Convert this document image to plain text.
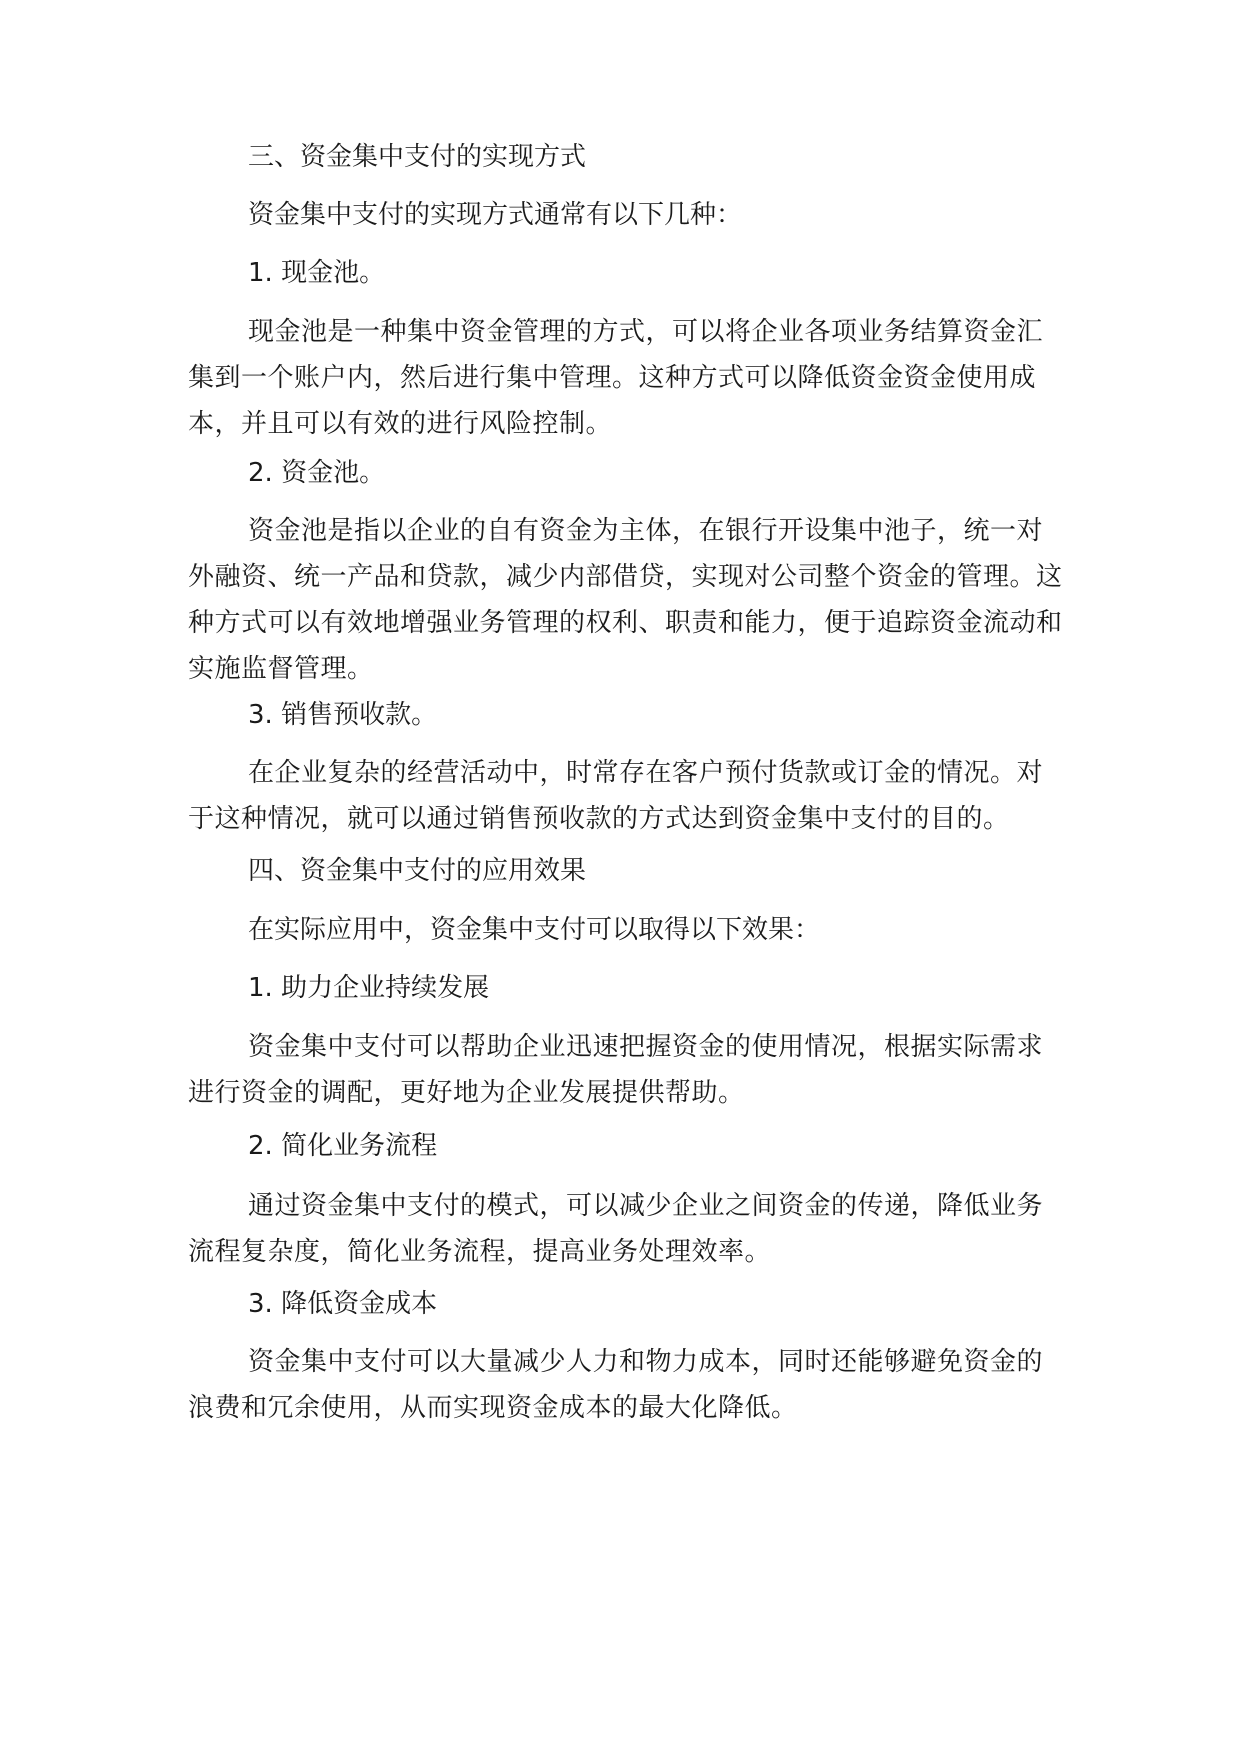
三、资金集中支付的实现方式
资金集中支付的实现方式通常有以下几种：
1. 现金池。

现金池是一种集中资金管理的方式，可以将企业各项业务结算资金汇集到一个账户内，然后进行集中管理。这种方式可以降低资金资金使用成本，并且可以有效的进行风险控制。

2. 资金池。

资金池是指以企业的自有资金为主体，在银行开设集中池子，统一对外融资、统一产品和贷款，减少内部借贷，实现对公司整个资金的管理。这种方式可以有效地增强业务管理的权利、职责和能力，便于追踪资金流动和实施监督管理。

3. 销售预收款。

在企业复杂的经营活动中，时常存在客户预付货款或订金的情况。对于这种情况，就可以通过销售预收款的方式达到资金集中支付的目的。

四、资金集中支付的应用效果
在实际应用中，资金集中支付可以取得以下效果：
1. 助力企业持续发展

资金集中支付可以帮助企业迅速把握资金的使用情况，根据实际需求进行资金的调配，更好地为企业发展提供帮助。

2. 简化业务流程

通过资金集中支付的模式，可以减少企业之间资金的传递，降低业务流程复杂度，简化业务流程，提高业务处理效率。

3. 降低资金成本

资金集中支付可以大量减少人力和物力成本，同时还能够避免资金的浪费和冗余使用，从而实现资金成本的最大化降低。
